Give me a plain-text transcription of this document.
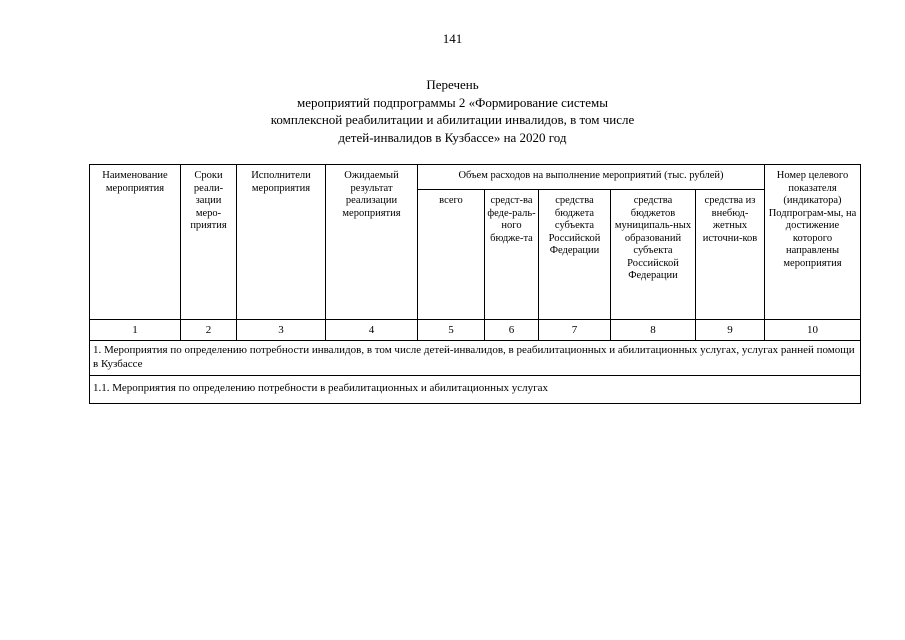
141
Перечень
мероприятий подпрограммы 2 «Формирование системы
комплексной реабилитации и абилитации инвалидов, в том числе
детей-инвалидов в Кузбассе» на 2020 год
Наименование мероприятия	Сроки реали-зации меро-приятия	Исполнители мероприятия	Ожидаемый результат реализации мероприятия	Объем расходов на выполнение мероприятий (тыс. рублей)					Номер целевого показателя (индикатора) Подпрограм-мы, на достижение которого направлены мероприятия
				всего	средст-ва феде-раль-ного бюдже-та	средства бюджета субъекта Российской Федерации	средства бюджетов муниципаль-ных образований субъекта Российской Федерации	средства из внебюд-жетных источни-ков	
1	2	3	4	5	6	7	8	9	10
1. Мероприятия по определению потребности инвалидов, в том числе детей-инвалидов, в реабилитационных и абилитационных услугах, услугах ранней помощи в Кузбассе									
1.1. Мероприятия по определению потребности в реабилитационных и абилитационных услугах									
